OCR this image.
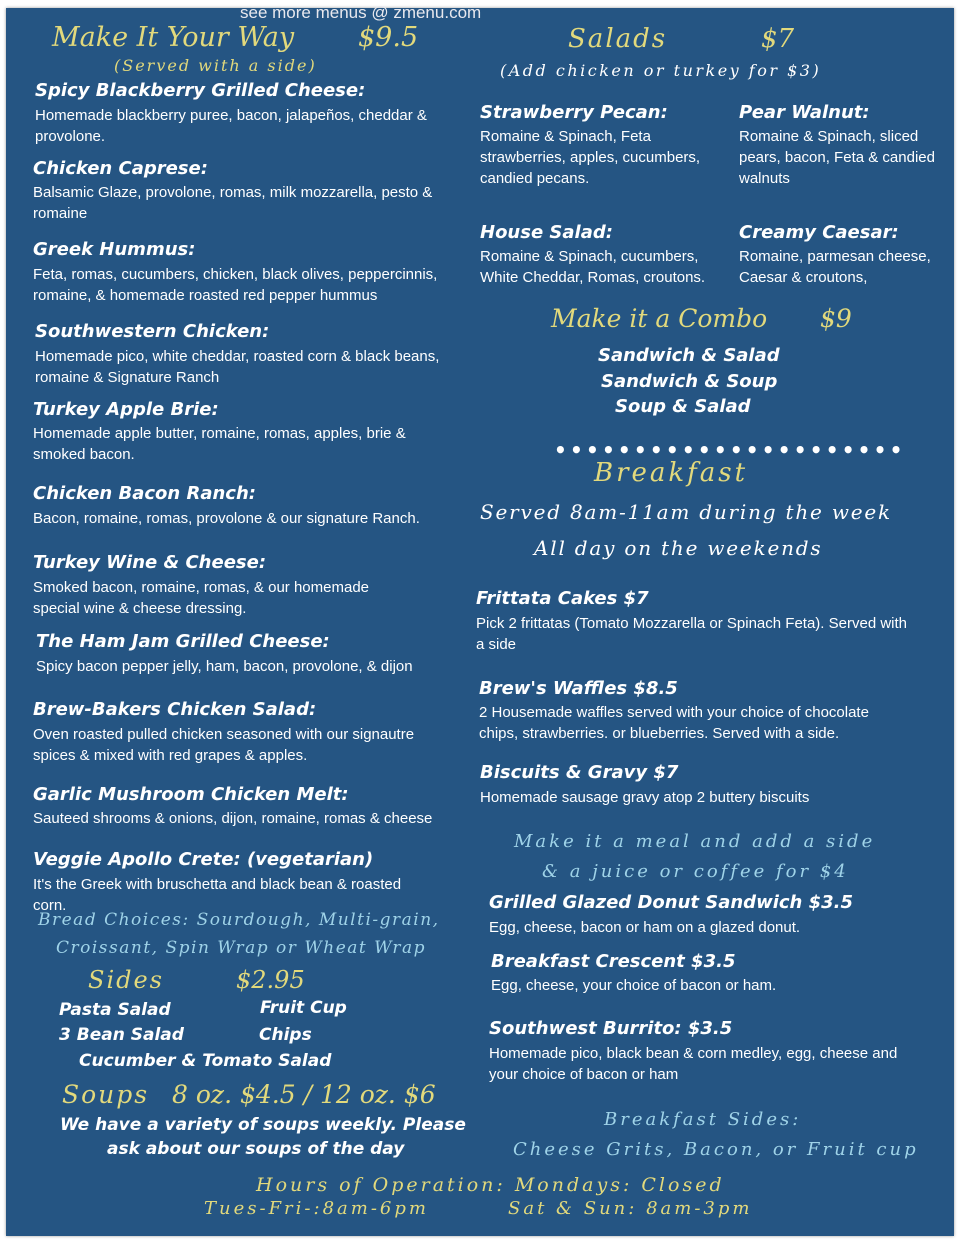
Make It Your Way $9.5
(Served with a side)
Spicy Blackberry Grilled Cheese:
Homemade blackberry puree, bacon, jalapeños, cheddar & provolone.
Chicken Caprese:
Balsamic Glaze, provolone, romas, milk mozzarella, pesto & romaine
Greek Hummus:
Feta, romas, cucumbers, chicken, black olives, peppercinnis, romaine, & homemade roasted red pepper hummus
Southwestern Chicken:
Homemade pico, white cheddar, roasted corn & black beans, romaine & Signature Ranch
Turkey Apple Brie:
Homemade apple butter, romaine, romas, apples, brie & smoked bacon.
Chicken Bacon Ranch:
Bacon, romaine, romas, provolone & our signature Ranch.
Turkey Wine & Cheese:
Smoked bacon, romaine, romas, & our homemade special wine & cheese dressing.
The Ham Jam Grilled Cheese:
Spicy bacon pepper jelly, ham, bacon, provolone, & dijon
Brew-Bakers Chicken Salad:
Oven roasted pulled chicken seasoned with our signautre spices & mixed with red grapes & apples.
Garlic Mushroom Chicken Melt:
Sauteed shrooms & onions, dijon, romaine, romas & cheese
Veggie Apollo Crete: (vegetarian)
It's the Greek with bruschetta and black bean & roasted corn.
Bread Choices: Sourdough, Multi-grain,
Croissant, Spin Wrap or Wheat Wrap
Sides	$2.95
Pasta Salad	Fruit Cup
3 Bean Salad	Chips
Cucumber & Tomato Salad
Soups 8 oz. $4.5 / 12 oz. $6
We have a variety of soups weekly. Please
ask about our soups of the day
Salads	$7
(Add chicken or turkey for $3)
Strawberry Pecan:
Romaine & Spinach, Feta strawberries, apples, cucumbers, candied pecans.
Pear Walnut:
Romaine & Spinach, sliced pears, bacon, Feta & candied walnuts
House Salad:
Romaine & Spinach, cucumbers, White Cheddar, Romas, croutons.
Creamy Caesar:
Romaine, parmesan cheese, Caesar & croutons,
Make it a Combo $9
Sandwich & Salad
Sandwich & Soup
Soup & Salad
••••••••••••••••••••••
Breakfast
Served 8am-11am during the week
All day on the weekends
Frittata Cakes $7
Pick 2 frittatas (Tomato Mozzarella or Spinach Feta). Served with a side
Brew's Waffles $8.5
2 Housemade waffles served with your choice of chocolate chips, strawberries. or blueberries. Served with a side.
Biscuits & Gravy $7
Homemade sausage gravy atop 2 buttery biscuits
Make it a meal and add a side
& a juice or coffee for $4
Grilled Glazed Donut Sandwich $3.5
Egg, cheese, bacon or ham on a glazed donut.
Breakfast Crescent $3.5
Egg, cheese, your choice of bacon or ham.
Southwest Burrito: $3.5
Homemade pico, black bean & corn medley, egg, cheese and your choice of bacon or ham
Breakfast Sides:
Cheese Grits, Bacon, or Fruit cup
Hours of Operation: Mondays: Closed
Tues-Fri-:8am-6pm	Sat & Sun: 8am-3pm
see more menus @ zmenu.com
